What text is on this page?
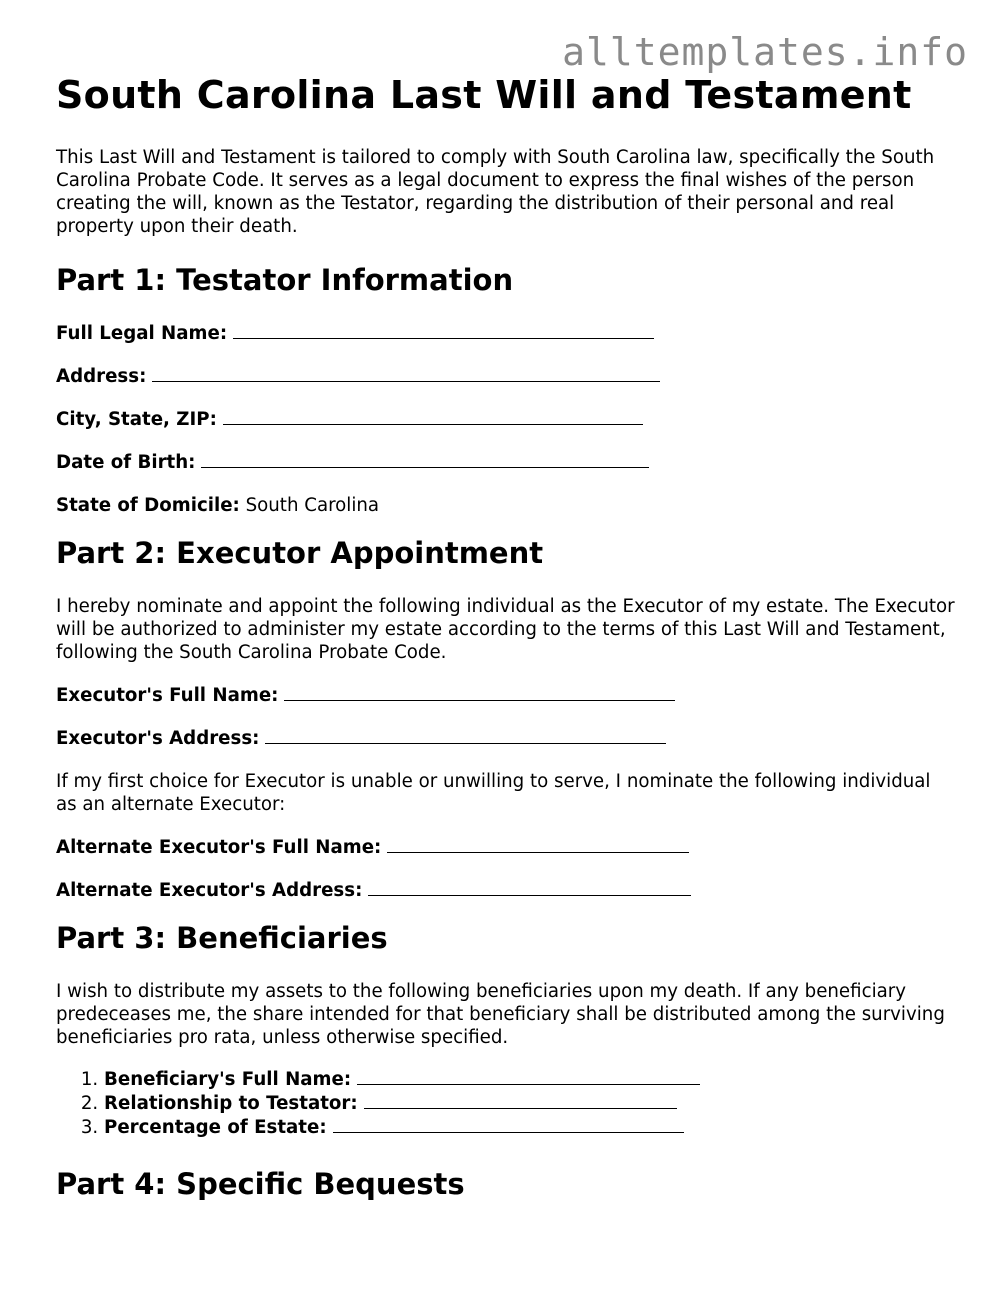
alltemplates.info
South Carolina Last Will and Testament

This Last Will and Testament is tailored to comply with South Carolina law, specifically the South Carolina Probate Code. It serves as a legal document to express the final wishes of the person creating the will, known as the Testator, regarding the distribution of their personal and real property upon their death.

Part 1: Testator Information
Full Legal Name:
Address:
City, State, ZIP:
Date of Birth:
State of Domicile: South Carolina
Part 2: Executor Appointment

I hereby nominate and appoint the following individual as the Executor of my estate. The Executor will be authorized to administer my estate according to the terms of this Last Will and Testament, following the South Carolina Probate Code.

Executor's Full Name:
Executor's Address:

If my first choice for Executor is unable or unwilling to serve, I nominate the following individual as an alternate Executor:

Alternate Executor's Full Name:
Alternate Executor's Address:
Part 3: Beneficiaries

I wish to distribute my assets to the following beneficiaries upon my death. If any beneficiary predeceases me, the share intended for that beneficiary shall be distributed among the surviving beneficiaries pro rata, unless otherwise specified.

1. Beneficiary's Full Name:
2. Relationship to Testator:
3. Percentage of Estate:
Part 4: Specific Bequests
